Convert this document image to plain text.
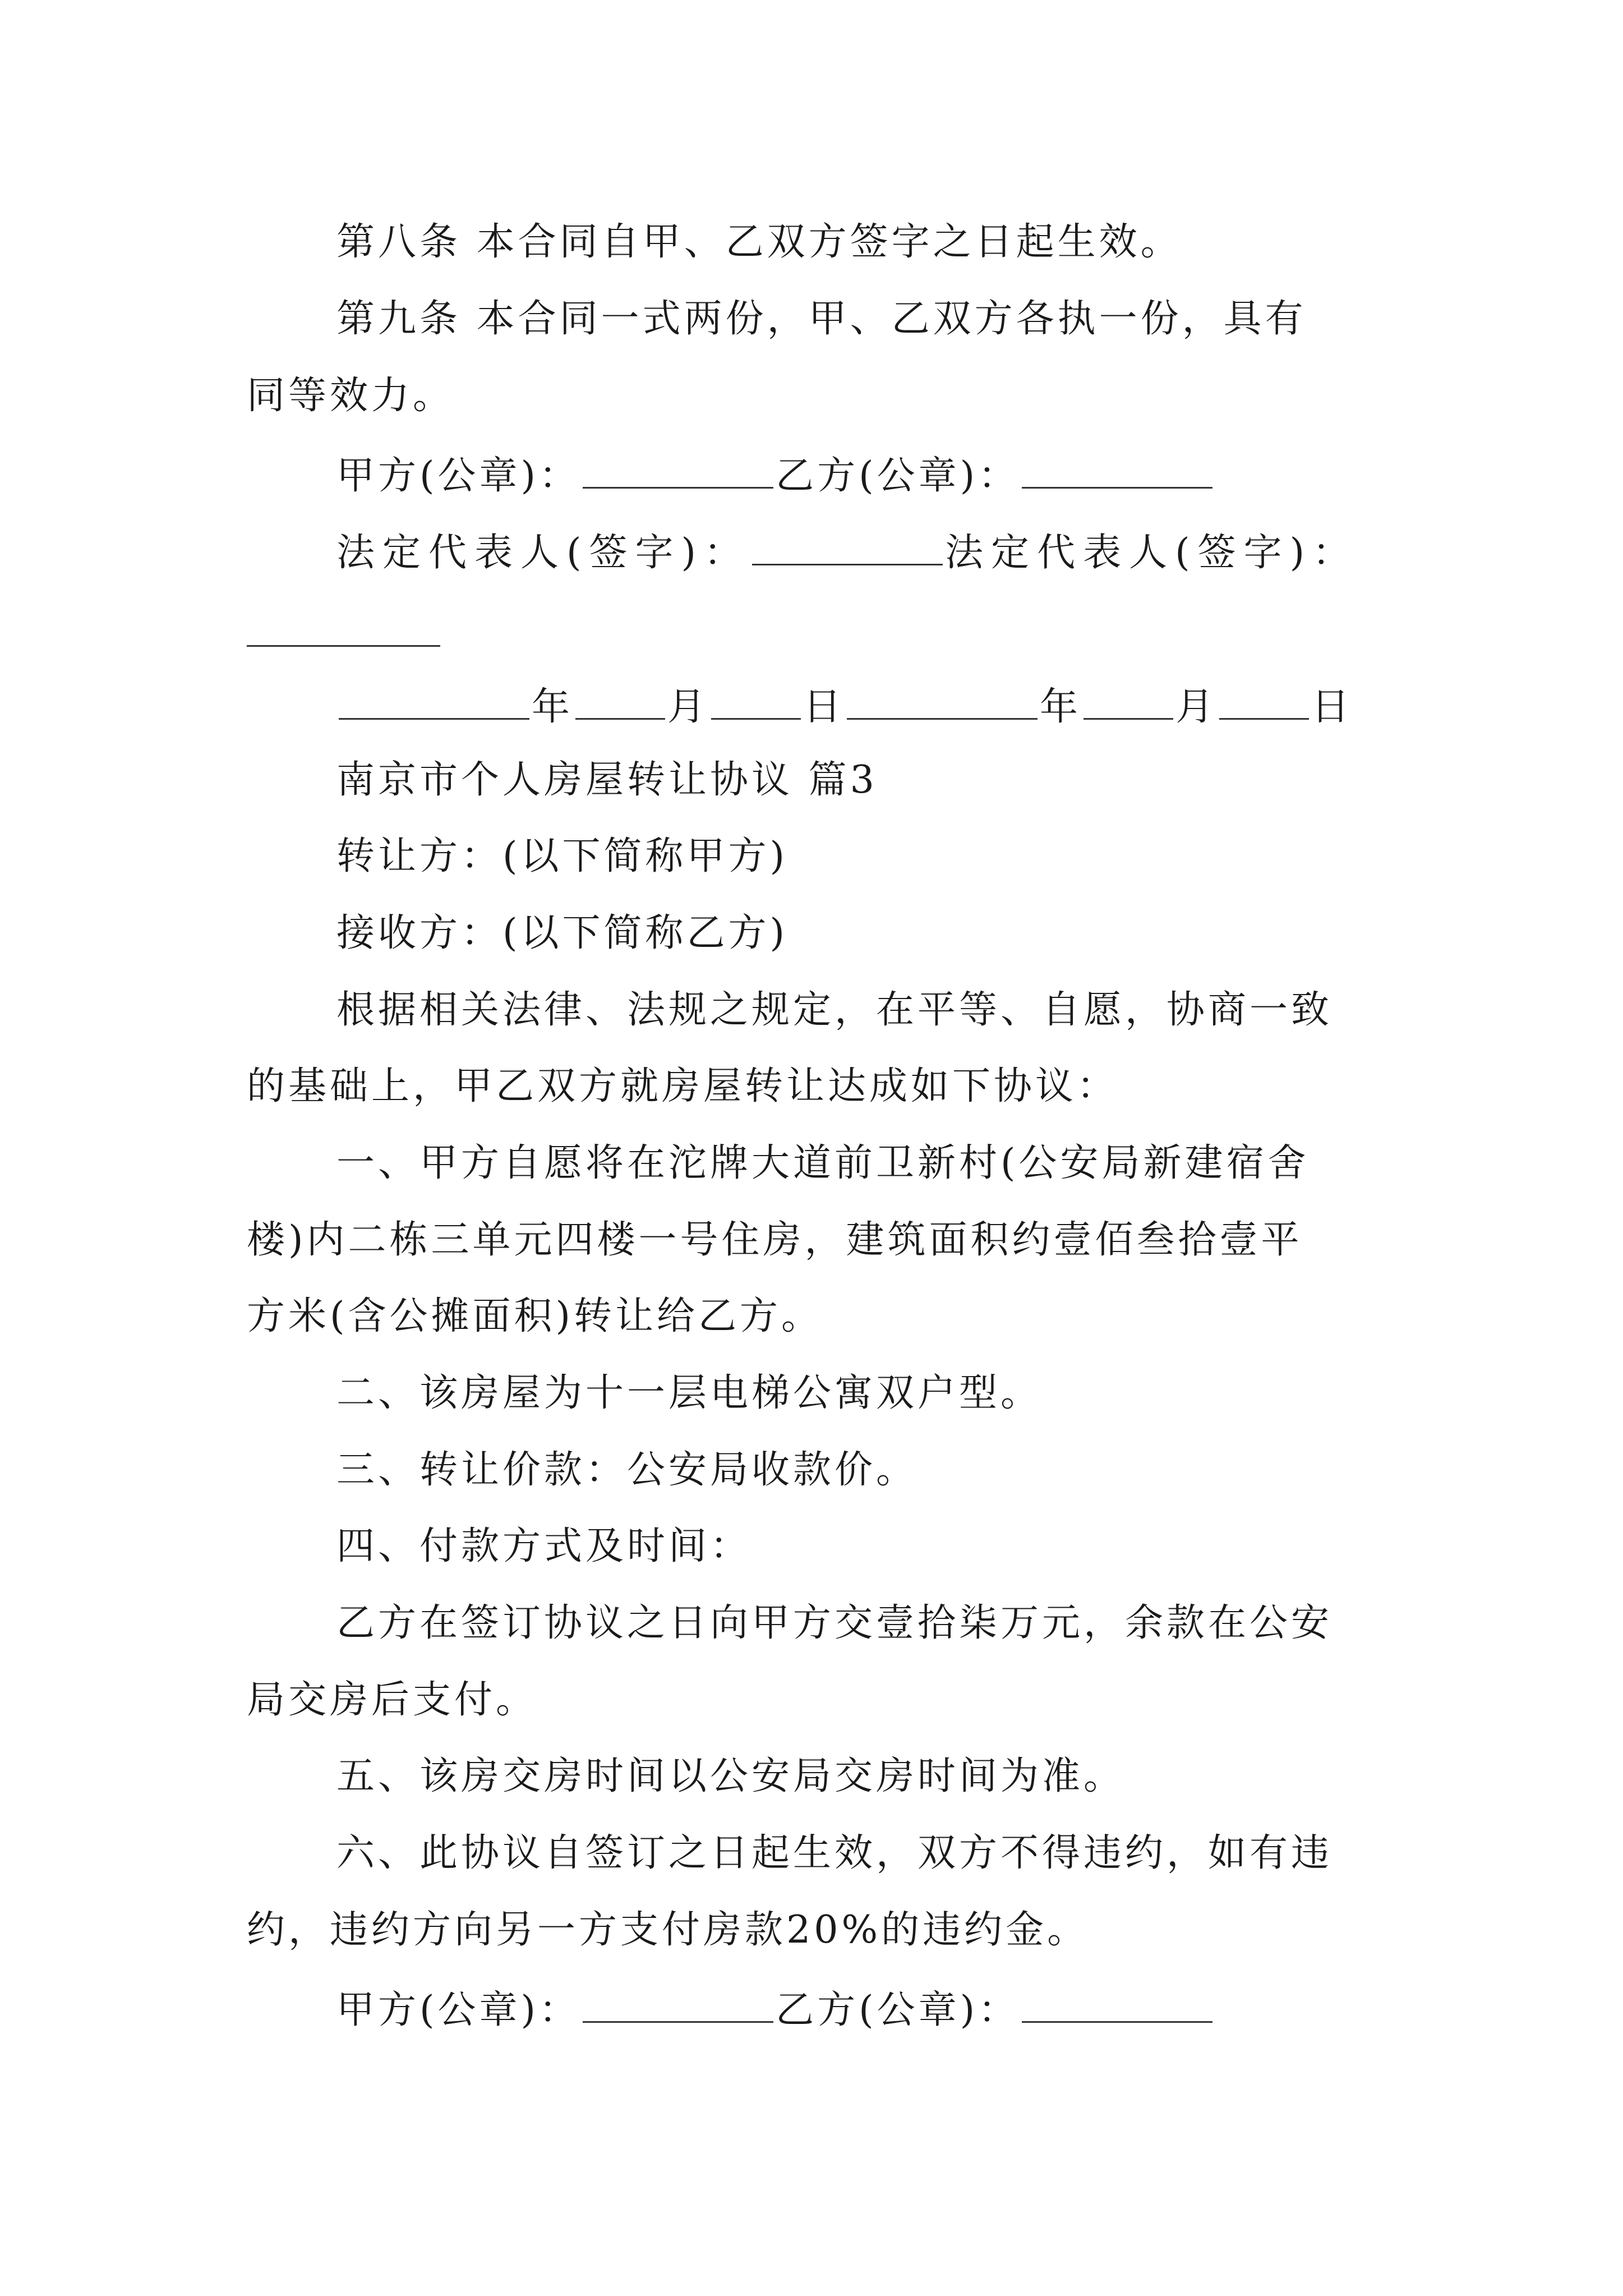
第八条 本合同自甲、乙双方签字之日起生效。
第九条 本合同一式两份，甲、乙双方各执一份，具有
同等效力。
甲方(公章)：	乙方(公章)：
法定代表人(签字)：	法定代表人(签字)：
年 月 日	年 月 日
南京市个人房屋转让协议 篇3
转让方：(以下简称甲方)
接收方：(以下简称乙方)
根据相关法律、法规之规定，在平等、自愿，协商一致
的基础上，甲乙双方就房屋转让达成如下协议：
一、甲方自愿将在沱牌大道前卫新村(公安局新建宿舍
楼)内二栋三单元四楼一号住房，建筑面积约壹佰叁拾壹平
方米(含公摊面积)转让给乙方。
二、该房屋为十一层电梯公寓双户型。
三、转让价款：公安局收款价。
四、付款方式及时间：
乙方在签订协议之日向甲方交壹拾柒万元，余款在公安
局交房后支付。
五、该房交房时间以公安局交房时间为准。
六、此协议自签订之日起生效，双方不得违约，如有违
约，违约方向另一方支付房款20%的违约金。
甲方(公章)：	乙方(公章)：
